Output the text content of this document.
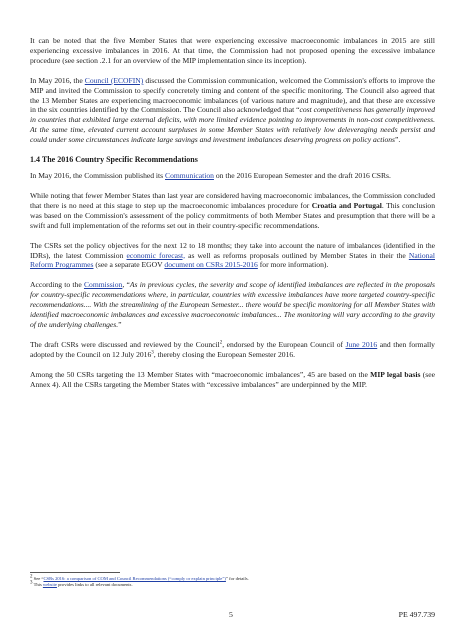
It can be noted that the five Member States that were experiencing excessive macroeconomic imbalances in 2015 are still experiencing excessive imbalances in 2016. At that time, the Commission had not proposed opening the excessive imbalance procedure (see section .2.1 for an overview of the MIP implementation since its inception).

In May 2016, the Council (ECOFIN) discussed the Commission communication, welcomed the Commission's efforts to improve the MIP and invited the Commission to specify concretely timing and content of the specific monitoring. The Council also agreed that the 13 Member States are experiencing macroeconomic imbalances (of various nature and magnitude), and that these are excessive in the six countries identified by the Commission. The Council also acknowledged that “cost competitiveness has generally improved in countries that exhibited large external deficits, with more limited evidence pointing to improvements in non-cost competitiveness. At the same time, elevated current account surpluses in some Member States with relatively low deleveraging needs persist and could under some circumstances indicate large savings and investment imbalances deserving progress on policy actions”.

1.4 The 2016 Country Specific Recommendations

In May 2016, the Commission published its Communication on the 2016 European Semester and the draft 2016 CSRs.

While noting that fewer Member States than last year are considered having macroeconomic imbalances, the Commission concluded that there is no need at this stage to step up the macroeconomic imbalances procedure for Croatia and Portugal. This conclusion was based on the Commission's assessment of the policy commitments of both Member States and presumption that there will be a swift and full implementation of the reforms set out in their country-specific recommendations.

The CSRs set the policy objectives for the next 12 to 18 months; they take into account the nature of imbalances (identified in the IDRs), the latest Commission economic forecast, as well as reforms proposals outlined by Member States in their the National Reform Programmes (see a separate EGOV document on CSRs 2015-2016 for more information).

According to the Commission, “As in previous cycles, the severity and scope of identified imbalances are reflected in the proposals for country-specific recommendations where, in particular, countries with excessive imbalances have more targeted country-specific recommendations.... With the streamlining of the European Semester... there would be specific monitoring for all Member States with identified macroeconomic imbalances and excessive macroeconomic imbalances... The monitoring will vary according to the gravity of the underlying challenges.”

The draft CSRs were discussed and reviewed by the Council$^2$, endorsed by the European Council of June 2016 and then formally adopted by the Council on 12 July 2016$^3$, thereby closing the European Semester 2016.

Among the 50 CSRs targeting the 13 Member States with “macroeconomic imbalances”, 45 are based on the MIP legal basis (see Annex 4). All the CSRs targeting the Member States with “excessive imbalances” are underpinned by the MIP.

$^2$ See “CSRs 2016: a comparison of COM and Council Recommendations (“comply or explain principle”)” for details.
$^3$ This website provides links to all relevant documents.
5	PE 497.739
